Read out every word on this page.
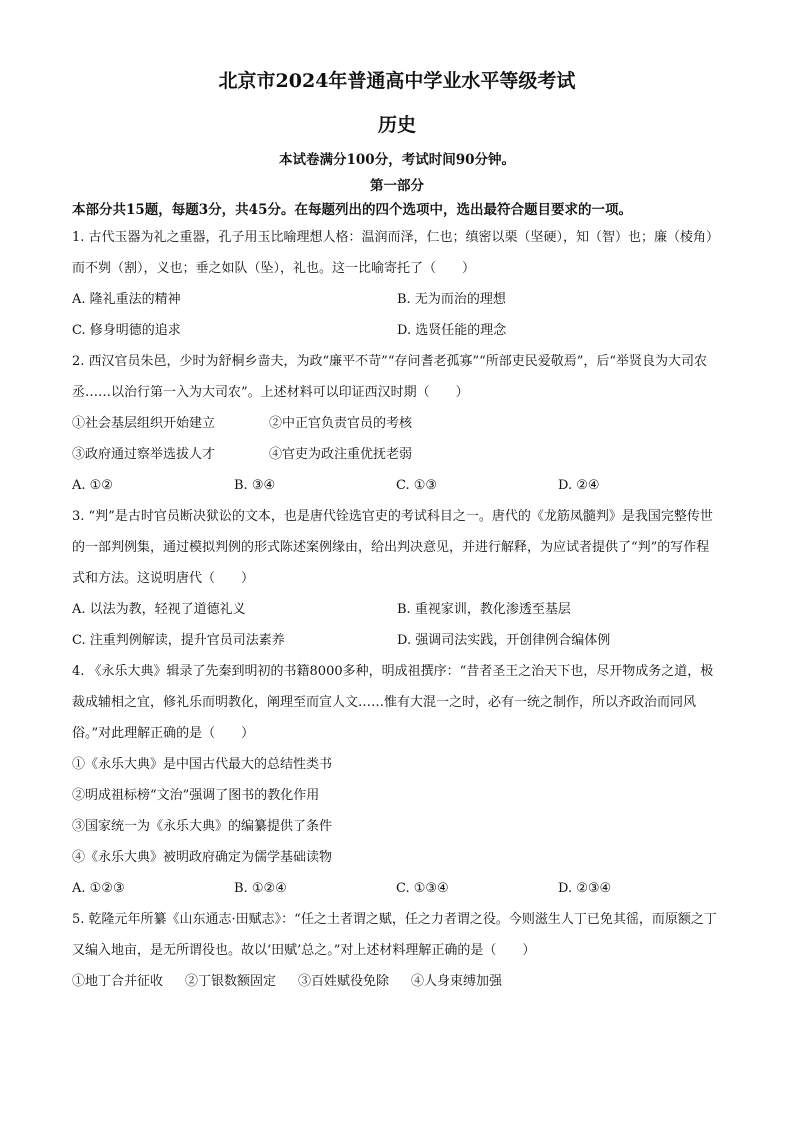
北京市2024年普通高中学业水平等级考试
历史
本试卷满分100分，考试时间90分钟。
第一部分
本部分共15题，每题3分，共45分。在每题列出的四个选项中，选出最符合题目要求的一项。
1. 古代玉器为礼之重器，孔子用玉比喻理想人格：温润而泽，仁也；缜密以栗（坚硬），知（智）也；廉（棱角）而不刿（割），义也；垂之如队（坠），礼也。这一比喻寄托了（　　）
A. 隆礼重法的精神	B. 无为而治的理想
C. 修身明德的追求	D. 选贤任能的理念
2. 西汉官员朱邑，少时为舒桐乡啬夫，为政“廉平不苛”“存问耆老孤寡”“所部吏民爱敬焉”，后“举贤良为大司农丞……以治行第一入为大司农”。上述材料可以印证西汉时期（　　）
①社会基层组织开始建立	②中正官负责官员的考核
③政府通过察举选拔人才	④官吏为政注重优抚老弱
A. ①②	B. ③④	C. ①③	D. ②④
3. “判”是古时官员断决狱讼的文本，也是唐代铨选官吏的考试科目之一。唐代的《龙筋凤髓判》是我国完整传世的一部判例集，通过模拟判例的形式陈述案例缘由，给出判决意见，并进行解释，为应试者提供了“判”的写作程式和方法。这说明唐代（　　）
A. 以法为教，轻视了道德礼义	B. 重视家训，教化渗透至基层
C. 注重判例解读，提升官员司法素养	D. 强调司法实践，开创律例合编体例
4. 《永乐大典》辑录了先秦到明初的书籍8000多种，明成祖撰序：“昔者圣王之治天下也，尽开物成务之道，极裁成辅相之宜，修礼乐而明教化，阐理至而宣人文……惟有大混一之时，必有一统之制作，所以齐政治而同风俗。”对此理解正确的是（　　）
①《永乐大典》是中国古代最大的总结性类书
②明成祖标榜“文治”强调了图书的教化作用
③国家统一为《永乐大典》的编纂提供了条件
④《永乐大典》被明政府确定为儒学基础读物
A. ①②③	B. ①②④	C. ①③④	D. ②③④
5. 乾隆元年所纂《山东通志·田赋志》：“任之土者谓之赋，任之力者谓之役。今则滋生人丁已免其徭，而原额之丁又编入地亩，是无所谓役也。故以‘田赋’总之。”对上述材料理解正确的是（　　）
①地丁合并征收 ②丁银数额固定 ③百姓赋役免除 ④人身束缚加强
